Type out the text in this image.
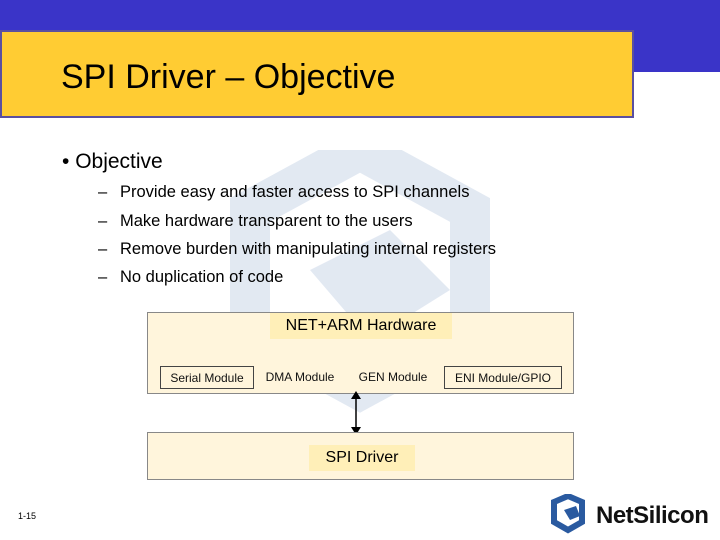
SPI Driver – Objective
• Objective
– Provide easy and faster access to SPI channels
– Make hardware transparent to the users
– Remove burden with manipulating internal registers
– No duplication of code
NET+ARM Hardware
Serial Module	DMA Module	GEN Module	ENI Module/GPIO
SPI Driver
1-15	NetSilicon
